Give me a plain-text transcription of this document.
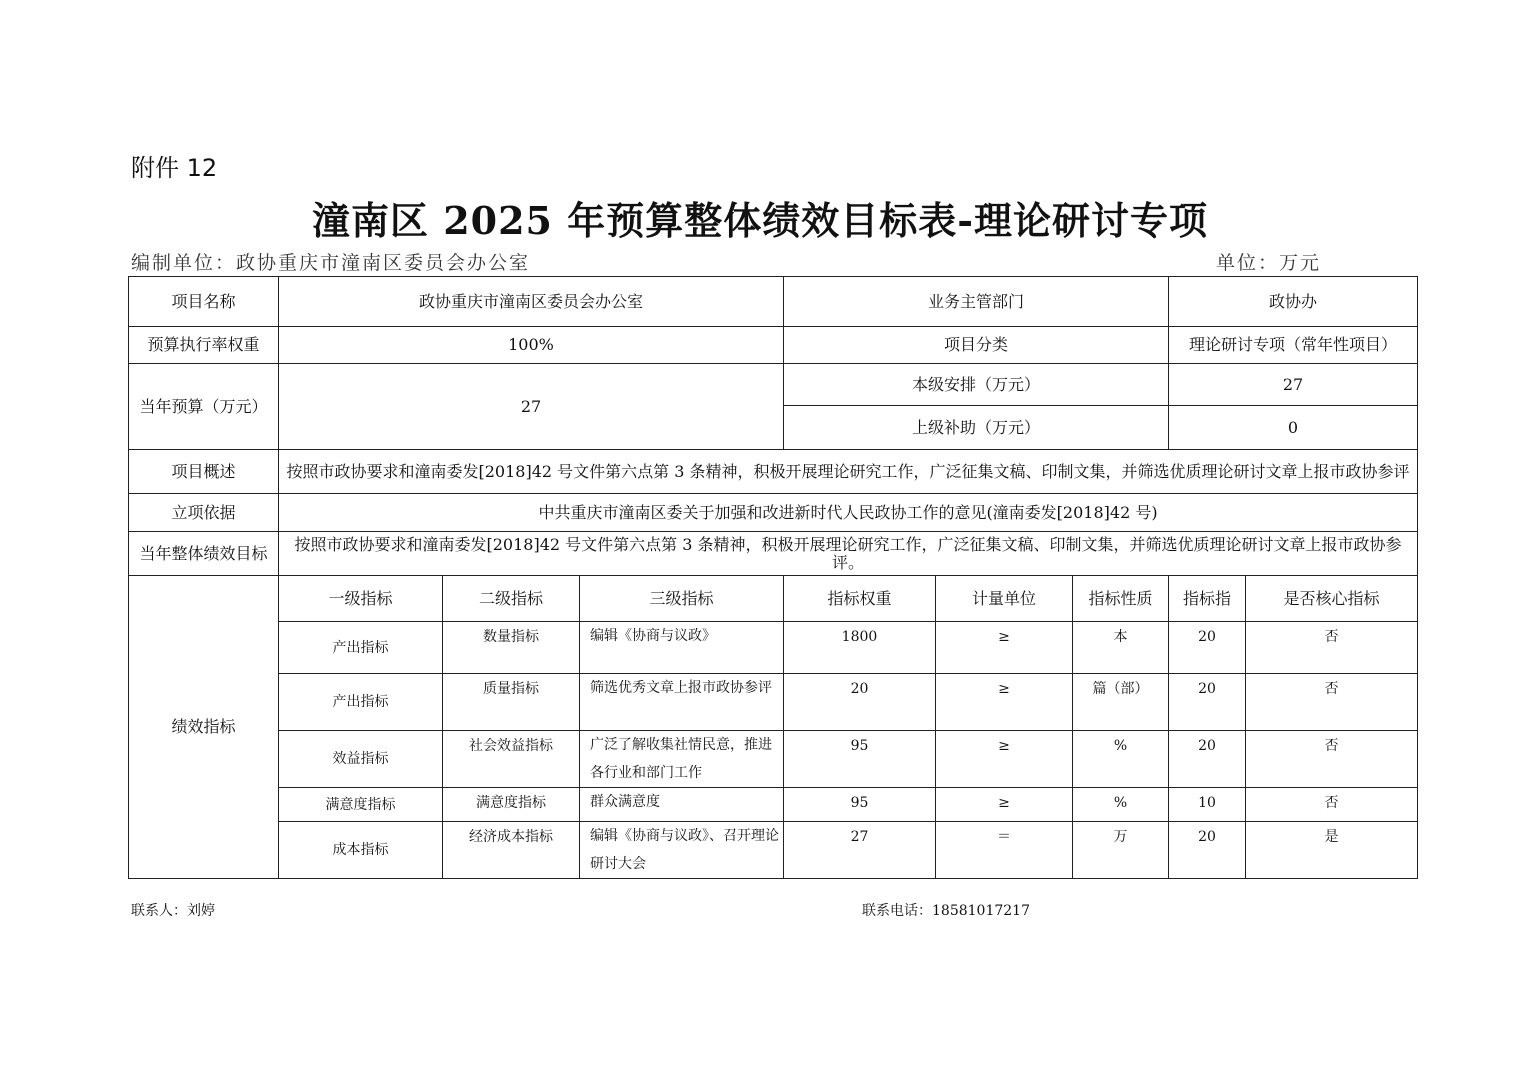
附件 12
潼南区 2025 年预算整体绩效目标表-理论研讨专项
编制单位：政协重庆市潼南区委员会办公室	单位：万元
项目名称	政协重庆市潼南区委员会办公室			业务主管部门			政协办	
预算执行率权重	100%			项目分类			理论研讨专项（常年性项目）	
当年预算（万元）	27			本级安排（万元）			27	
				上级补助（万元）			0	
项目概述	按照市政协要求和潼南委发[2018]42 号文件第六点第 3 条精神，积极开展理论研究工作，广泛征集文稿、印制文集，并筛选优质理论研讨文章上报市政协参评							
立项依据	中共重庆市潼南区委关于加强和改进新时代人民政协工作的意见(潼南委发[2018]42 号)							
当年整体绩效目标	按照市政协要求和潼南委发[2018]42 号文件第六点第 3 条精神，积极开展理论研究工作，广泛征集文稿、印制文集，并筛选优质理论研讨文章上报市政协参评。							
绩效指标	一级指标	二级指标	三级指标	指标权重	计量单位	指标性质	指标指	是否核心指标
	产出指标	数量指标	编辑《协商与议政》	1800	≥	本	20	否
	产出指标	质量指标	筛选优秀文章上报市政协参评	20	≥	篇（部）	20	否
	效益指标	社会效益指标	广泛了解收集社情民意，推进各行业和部门工作	95	≥	%	20	否
	满意度指标	满意度指标	群众满意度	95	≥	%	10	否
	成本指标	经济成本指标	编辑《协商与议政》、召开理论研讨大会	27	＝	万	20	是
联系人：刘婷	联系电话：18581017217
